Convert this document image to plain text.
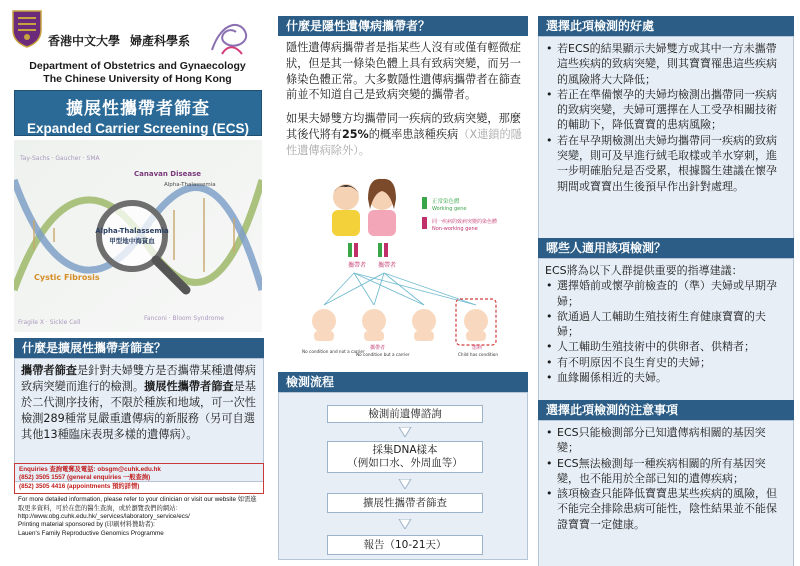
香港中文大學 婦產科學系
Department of Obstetrics and Gynaecology
The Chinese University of Hong Kong
擴展性攜帶者篩查
Expanded Carrier Screening (ECS)
Tay-Sachs · Gaucher · SMA
Fanconi · Bloom Syndrome
Fragile X · Sickle Cell
Canavan Disease
Alpha-Thalassemia
Cystic Fibrosis
Alpha-Thalassemia
甲型地中海貧血
什麼是擴展性攜帶者篩查？
攜帶者篩查是針對夫婦雙方是否攜帶某種遺傳病致病突變而進行的檢測。擴展性攜帶者篩查是基於二代測序技術，不限於種族和地域，可一次性檢測289種常見嚴重遺傳病的新服務（另可自選其他13種臨床表現多樣的遺傳病）。
Enquiries 查詢電郵及電話: obsgm@cuhk.edu.hk
(852) 3505 1557 (general enquiries 一般查詢)
(852) 3505 4416 (appointments 預約詳情)
For more detailed information, please refer to your clinician or visit our website 如需進取更多資料，可於在您的醫生查詢，或於瀏覽我們的網站：
http://www.obg.cuhk.edu.hk/_services/laboratory_service/ecs/
Printing material sponsored by (印刷材料贊助者):
Lauen's Family Reproductive Genomics Programme
什麼是隱性遺傳病攜帶者？
隱性遺傳病攜帶者是指某些人沒有或僅有輕微症狀，但是其一條染色體上具有致病突變，而另一條染色體正常。大多數隱性遺傳病攜帶者在篩查前並不知道自己是致病突變的攜帶者。
如果夫婦雙方均攜帶同一疾病的致病突變，那麼其後代將有25%的概率患該種疾病（X連鎖的隱性遺傳病除外）。
攜帶者 攜帶者
正常染色體
Working gene
同一疾病的致病突變的染色體
Non-working gene
No condition and not a carrier
攜帶者
No condition but a carrier
患病
Child has condition
檢測流程
檢測前遺傳諮詢
採集DNA樣本
（例如口水、外周血等）
擴展性攜帶者篩查
報告（10-21天）
選擇此項檢測的好處
• 若ECS的結果顯示夫婦雙方或其中一方未攜帶這些疾病的致病突變，則其寶寶罹患這些疾病的風險將大大降低；
• 若正在準備懷孕的夫婦均檢測出攜帶同一疾病的致病突變，夫婦可選擇在人工受孕相關技術的輔助下，降低寶寶的患病風險；
• 若在早孕期檢測出夫婦均攜帶同一疾病的致病突變，則可及早進行絨毛取樣或羊水穿刺，進一步明確胎兒是否受累，根據醫生建議在懷孕期間或寶寶出生後預早作出針對處理。
哪些人適用該項檢測？
ECS將為以下人群提供重要的指導建議：
• 選擇婚前或懷孕前檢查的（準）夫婦或早期孕婦；
• 欲通過人工輔助生殖技術生育健康寶寶的夫婦；
• 人工輔助生殖技術中的供卵者、供精者；
• 有不明原因不良生育史的夫婦；
• 血緣關係相近的夫婦。
選擇此項檢測的注意事項
• ECS只能檢測部分已知遺傳病相關的基因突變；
• ECS無法檢測每一種疾病相關的所有基因突變，也不能用於全部已知的遺傳疾病；
• 該項檢查只能降低寶寶患某些疾病的風險，但不能完全排除患病可能性，陰性結果並不能保證寶寶一定健康。
